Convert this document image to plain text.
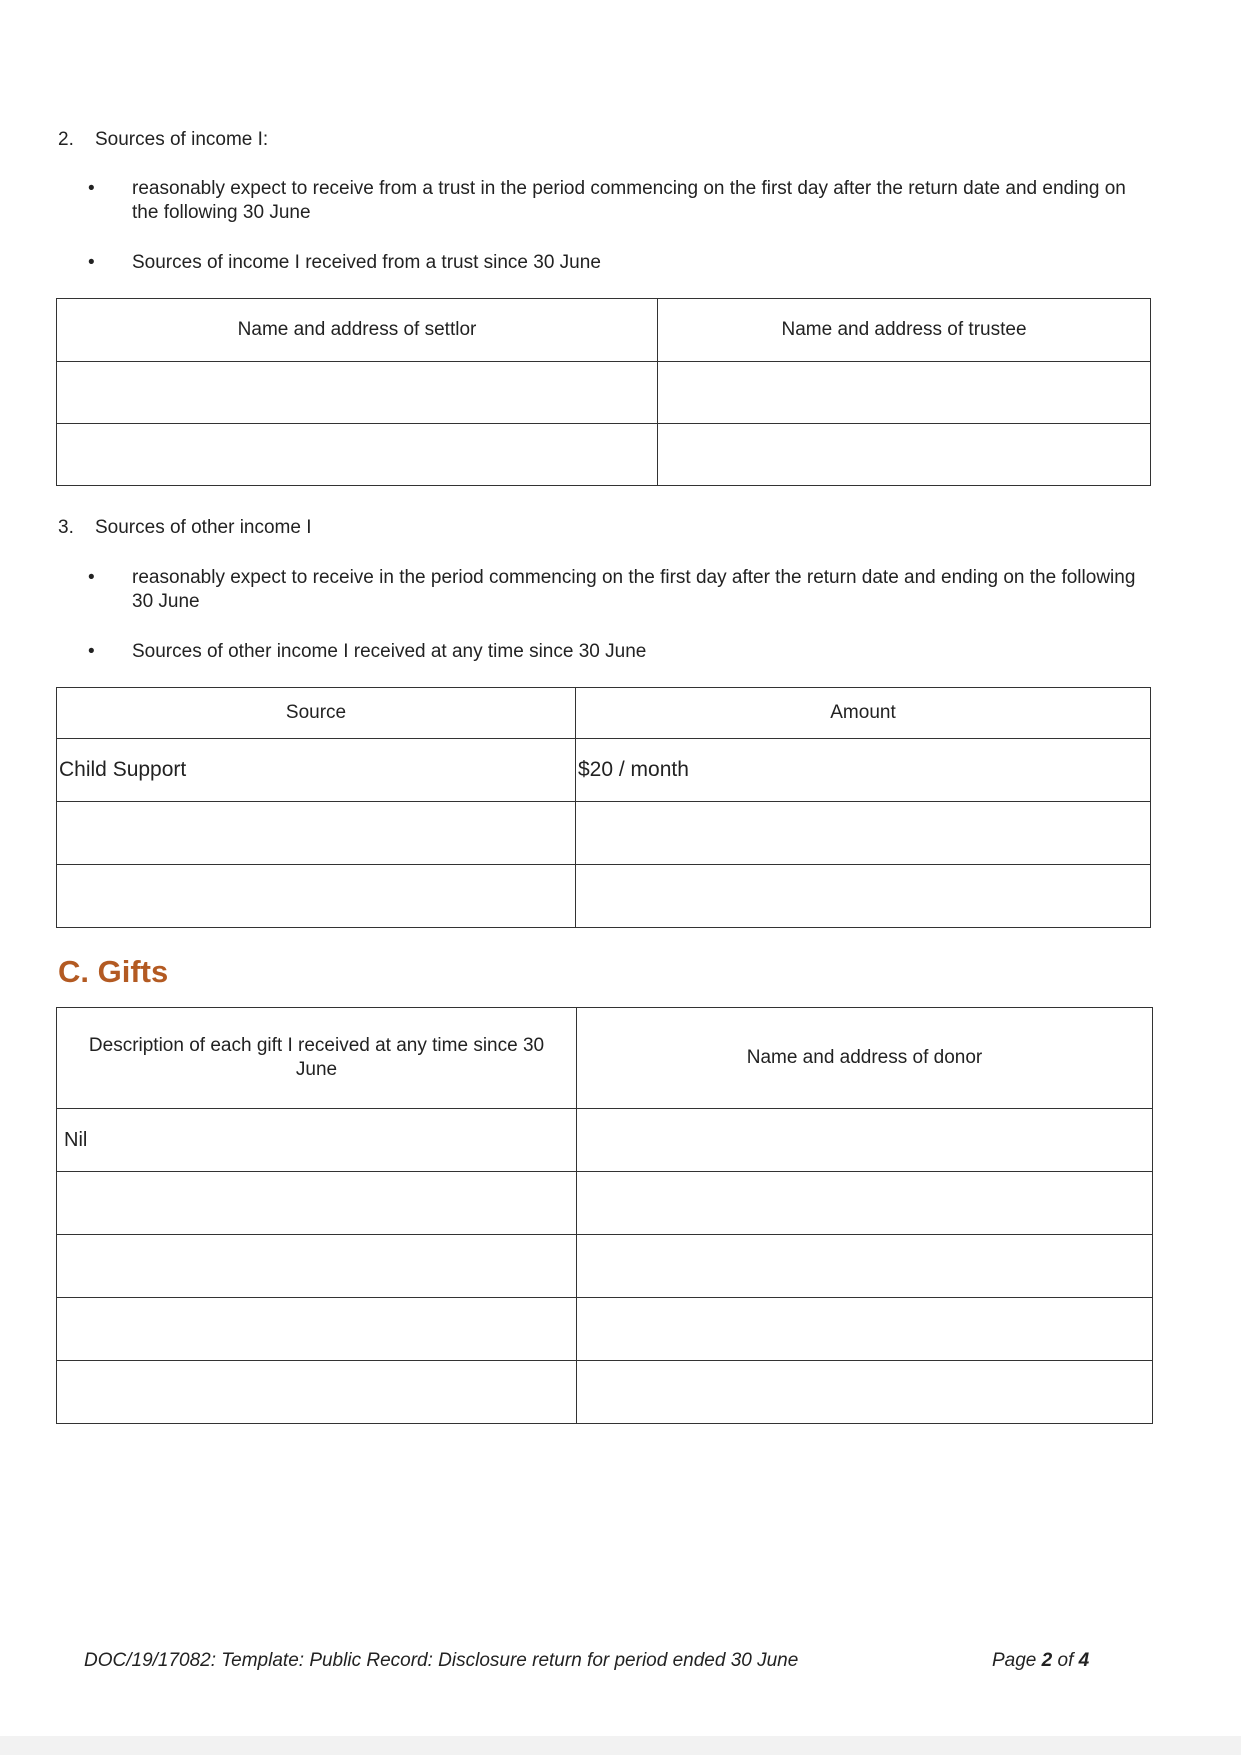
2. Sources of income I:
•	reasonably expect to receive from a trust in the period commencing on the first day after the return date and ending on the following 30 June
•	Sources of income I received from a trust since 30 June
Name and address of settlor	Name and address of trustee

3. Sources of other income I
•	reasonably expect to receive in the period commencing on the first day after the return date and ending on the following 30 June
•	Sources of other income I received at any time since 30 June
Source	Amount
Child Support	$20 / month

C. Gifts
Description of each gift I received at any time since 30 June	Name and address of donor
Nil	

DOC/19/17082: Template: Public Record: Disclosure return for period ended 30 June	Page 2 of 4
